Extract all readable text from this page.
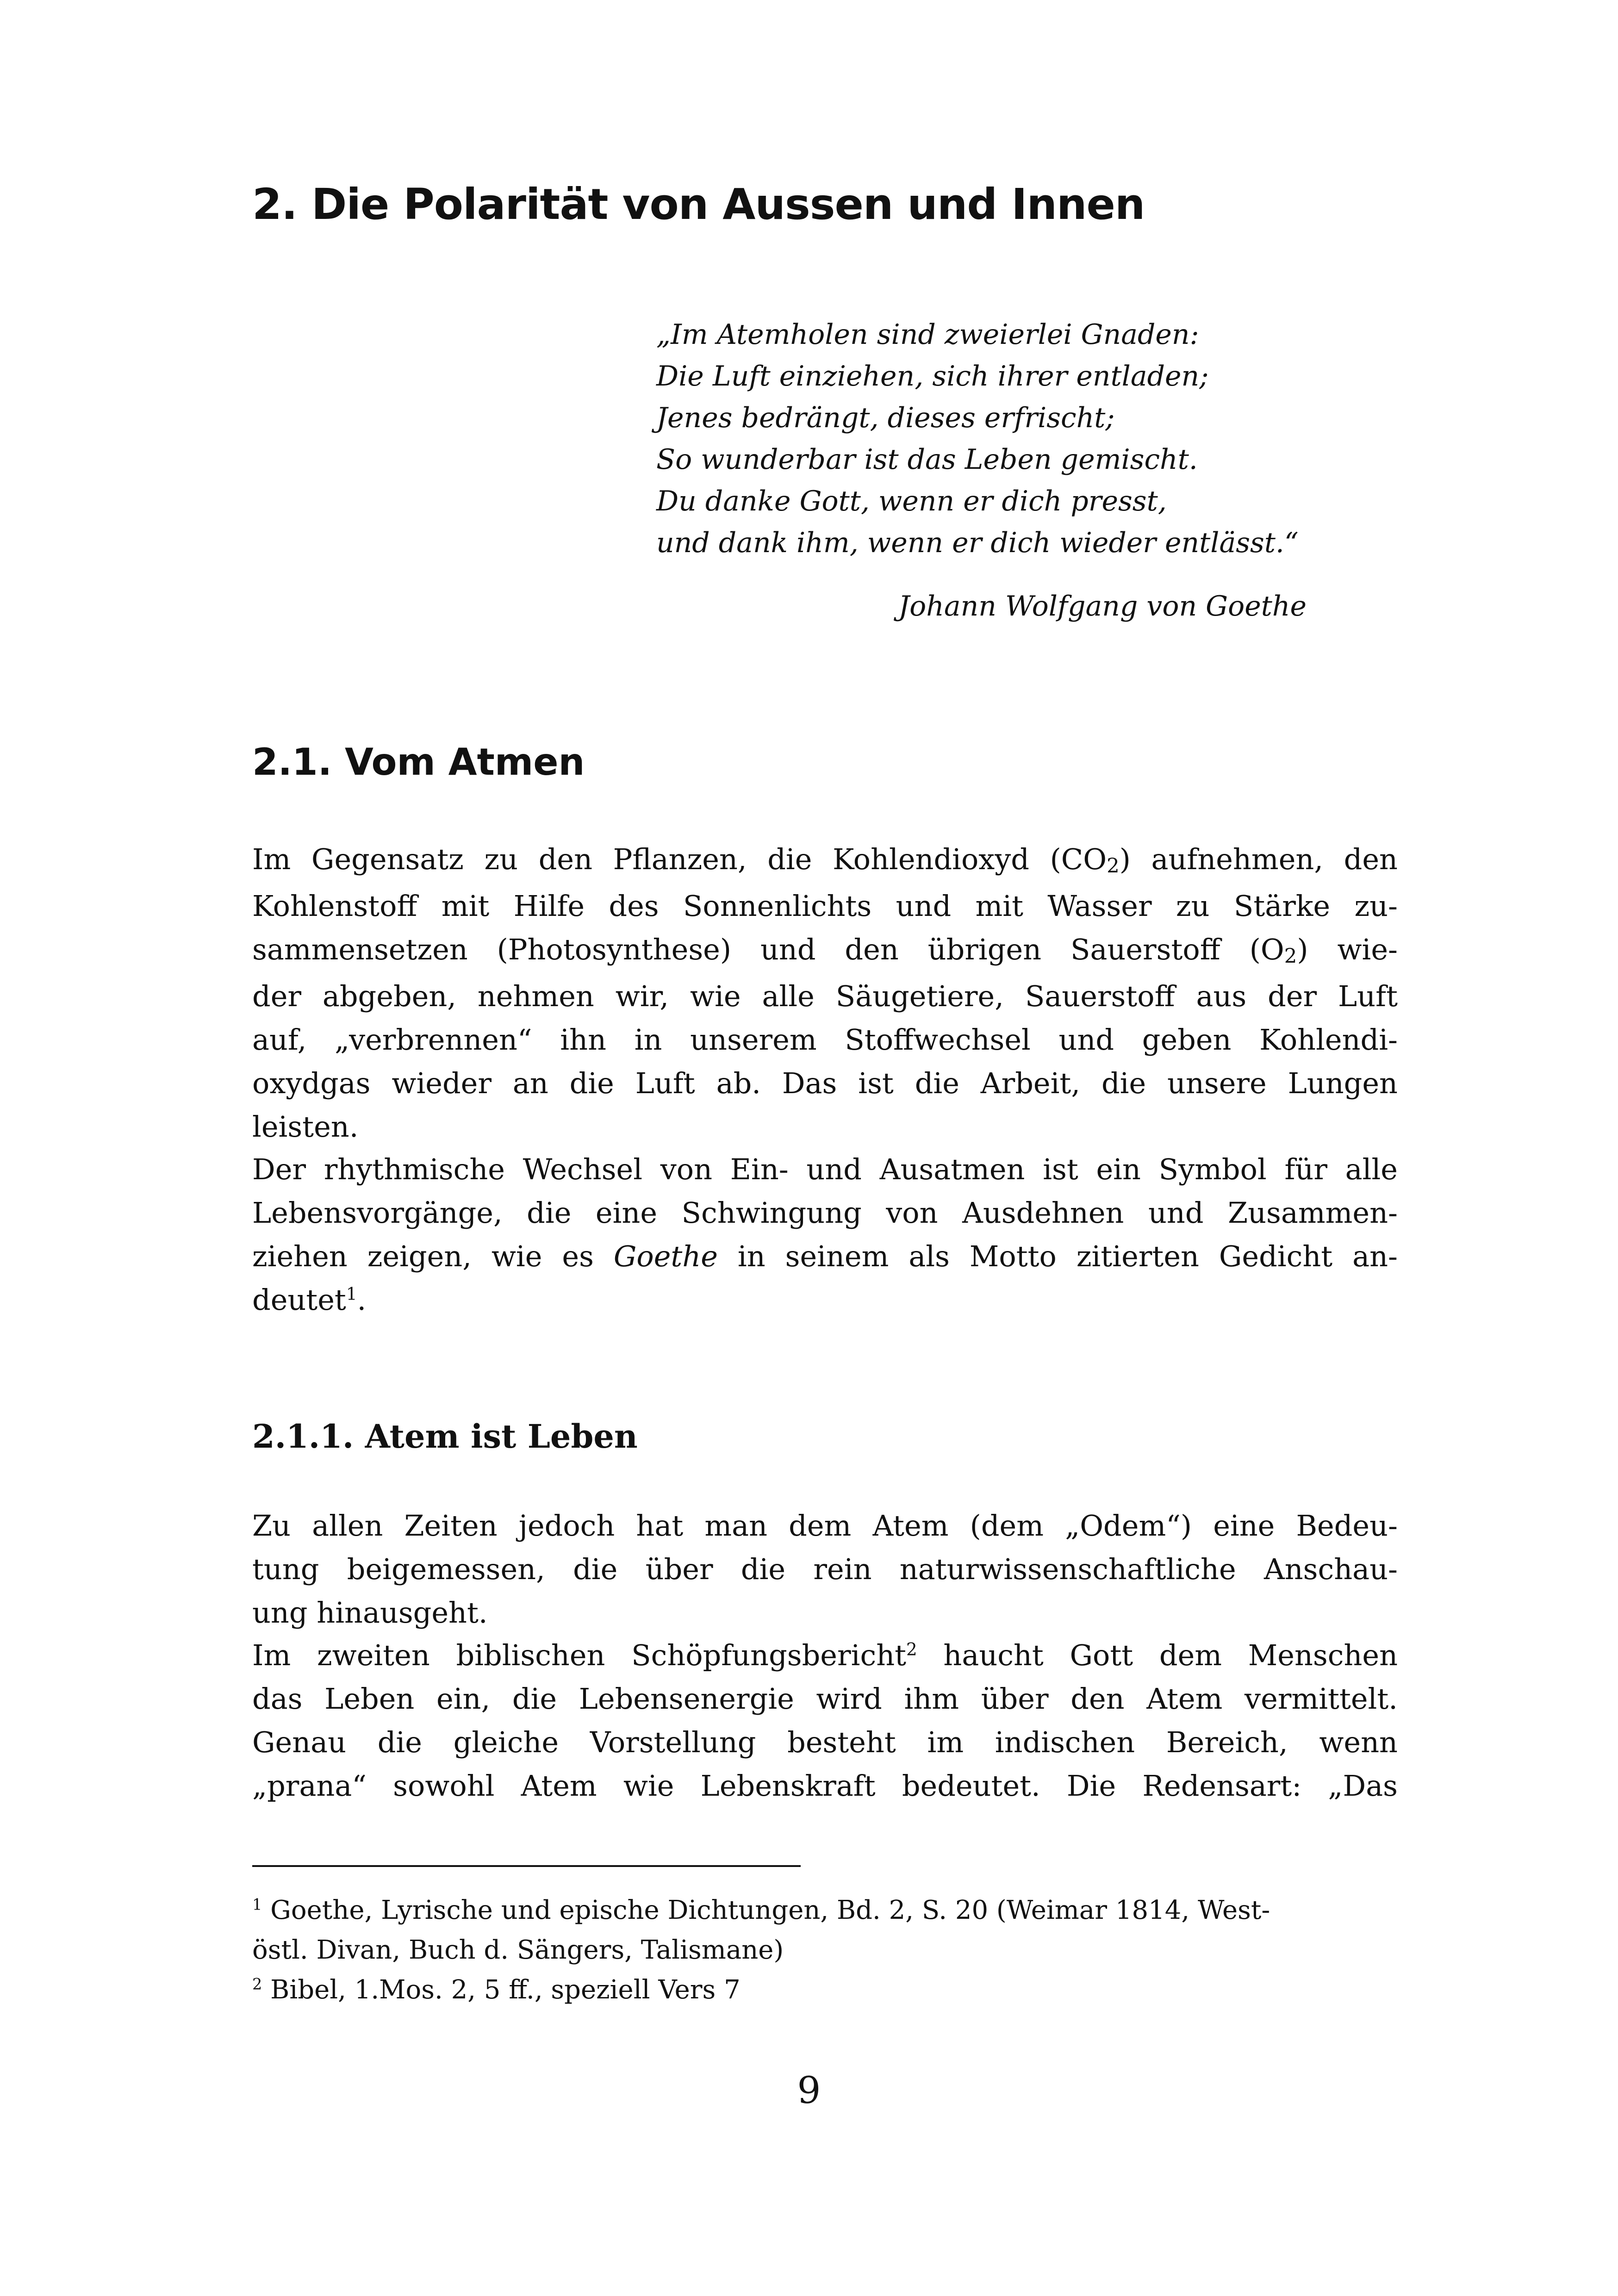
2. Die Polarität von Aussen und Innen
„Im Atemholen sind zweierlei Gnaden:
Die Luft einziehen, sich ihrer entladen;
Jenes bedrängt, dieses erfrischt;
So wunderbar ist das Leben gemischt.
Du danke Gott, wenn er dich presst,
und dank ihm, wenn er dich wieder entlässt.“
Johann Wolfgang von Goethe
2.1. Vom Atmen
Im Gegensatz zu den Pflanzen, die Kohlendioxyd $(CO_2)$ aufnehmen, den
Kohlenstoff mit Hilfe des Sonnenlichts und mit Wasser zu Stärke zu-
sammensetzen (Photosynthese) und den übrigen Sauerstoff $(O_2)$ wie-
der abgeben, nehmen wir, wie alle Säugetiere, Sauerstoff aus der Luft
auf, „verbrennen“ ihn in unserem Stoffwechsel und geben Kohlendi-
oxydgas wieder an die Luft ab. Das ist die Arbeit, die unsere Lungen
leisten.
Der rhythmische Wechsel von Ein- und Ausatmen ist ein Symbol für alle
Lebensvorgänge, die eine Schwingung von Ausdehnen und Zusammen-
ziehen zeigen, wie es Goethe in seinem als Motto zitierten Gedicht an-
deutet$^1$.
2.1.1. Atem ist Leben
Zu allen Zeiten jedoch hat man dem Atem (dem „Odem“) eine Bedeu-
tung beigemessen, die über die rein naturwissenschaftliche Anschau-
ung hinausgeht.
Im zweiten biblischen Schöpfungsbericht$^2$ haucht Gott dem Menschen
das Leben ein, die Lebensenergie wird ihm über den Atem vermittelt.
Genau die gleiche Vorstellung besteht im indischen Bereich, wenn
„prana“ sowohl Atem wie Lebenskraft bedeutet. Die Redensart: „Das
$^1$ Goethe, Lyrische und epische Dichtungen, Bd. 2, S. 20 (Weimar 1814, West-
östl. Divan, Buch d. Sängers, Talismane)
$^2$ Bibel, 1.Mos. 2, 5 ff., speziell Vers 7
9
